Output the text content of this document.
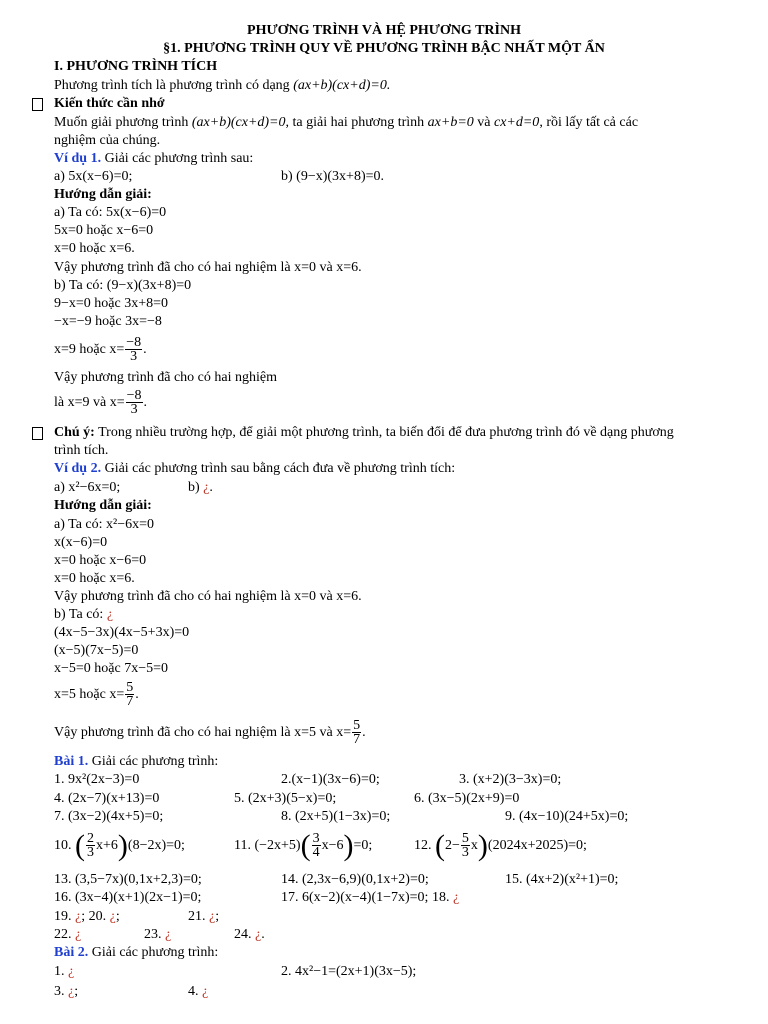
PHƯƠNG TRÌNH VÀ HỆ PHƯƠNG TRÌNH
§1. PHƯƠNG TRÌNH QUY VỀ PHƯƠNG TRÌNH BẬC NHẤT MỘT ẨN
I. PHƯƠNG TRÌNH TÍCH
Phương trình tích là phương trình có dạng (ax+b)(cx+d)=0.
Kiến thức cần nhớ
Muốn giải phương trình (ax+b)(cx+d)=0, ta giải hai phương trình ax+b=0 và cx+d=0, rồi lấy tất cả các
nghiệm của chúng.
Ví dụ 1. Giải các phương trình sau:
a) 5x(x−6)=0;	b) (9−x)(3x+8)=0.
Hướng dẫn giải:
a) Ta có: 5x(x−6)=0
5x=0 hoặc x−6=0
x=0 hoặc x=6.
Vậy phương trình đã cho có hai nghiệm là x=0 và x=6.
b) Ta có: (9−x)(3x+8)=0
9−x=0 hoặc 3x+8=0
−x=−9 hoặc 3x=−8
x=9 hoặc $x= \frac{-8}{3}$ .
Vậy phương trình đã cho có hai nghiệm
là x=9 và $x= \frac{-8}{3}$ .
Chú ý: Trong nhiều trường hợp, để giải một phương trình, ta biến đổi để đưa phương trình đó về dạng phương
trình tích.
Ví dụ 2. Giải các phương trình sau bằng cách đưa về phương trình tích:
a) x²−6x=0;	b) ¿.
Hướng dẫn giải:
a) Ta có: x²−6x=0
x(x−6)=0
x=0 hoặc x−6=0
x=0 hoặc x=6.
Vậy phương trình đã cho có hai nghiệm là x=0 và x=6.
b) Ta có: ¿
(4x−5−3x)(4x−5+3x)=0
(x−5)(7x−5)=0
x−5=0 hoặc 7x−5=0
x=5 hoặc $x= \frac{5}{7}$ .
Vậy phương trình đã cho có hai nghiệm là x=5 và $x= \frac{5}{7}$ .
Bài 1. Giải các phương trình:
1. 9x²(2x−3)=0	2.(x−1)(3x−6)=0;	3. (x+2)(3−3x)=0;
4. (2x−7)(x+13)=0	5. (2x+3)(5−x)=0;	6. (3x−5)(2x+9)=0
7. (3x−2)(4x+5)=0;	8. (2x+5)(1−3x)=0;	9. (4x−10)(24+5x)=0;
10. ( $\frac{2}{3} x+6)(8-2x)=0$;	11. $(-2x+5)( \frac{3}{4} x-6)=0$;	12. $(2- \frac{5}{3} x)(2024x+2025)=0$;
13. (3,5−7x)(0,1x+2,3)=0;	14. (2,3x−6,9)(0,1x+2)=0;	15. (4x+2)(x²+1)=0;
16. (3x−4)(x+1)(2x−1)=0;	17. 6(x−2)(x−4)(1−7x)=0; 18. ¿
19. ¿; 20. ¿;	21. ¿;
22. ¿	23. ¿	24. ¿.
Bài 2. Giải các phương trình:
1. ¿	2. 4x²−1=(2x+1)(3x−5);
3. ¿;	4. ¿
